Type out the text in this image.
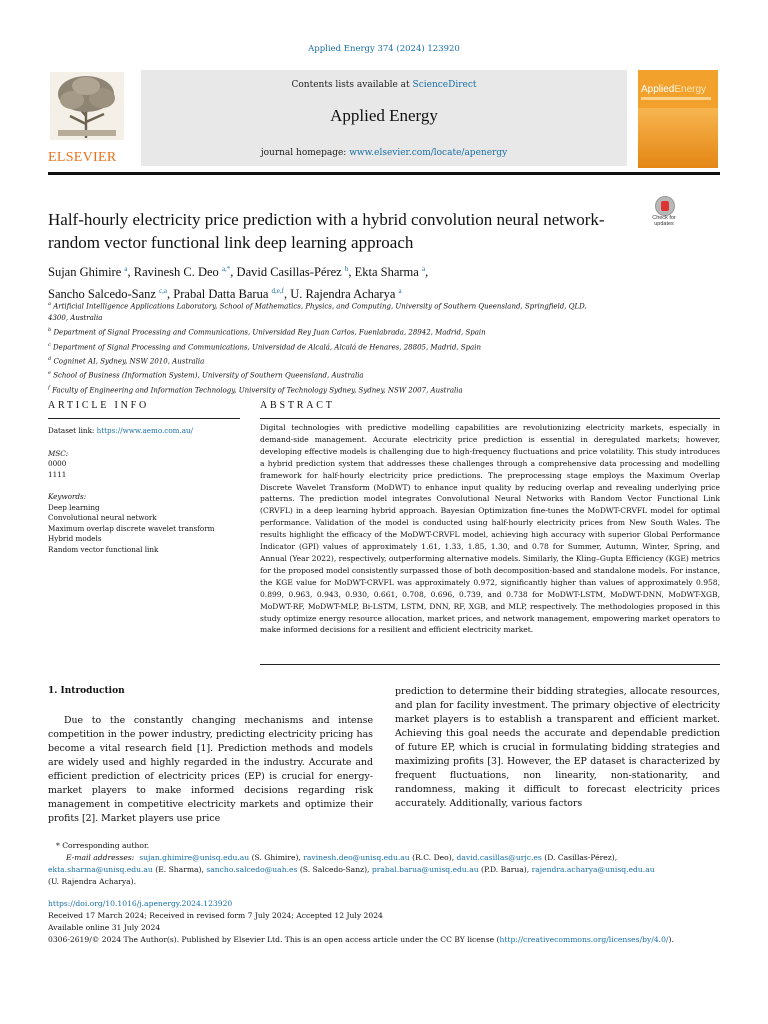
Applied Energy 374 (2024) 123920
ELSEVIER
Contents lists available at ScienceDirect
Applied Energy
journal homepage: www.elsevier.com/locate/apenergy
AppliedEnergy
Half-hourly electricity price prediction with a hybrid convolution neural network-random vector functional link deep learning approach
Check for updates
Sujan Ghimire $^a$, Ravinesh C. Deo $^{a,*}$, David Casillas-Pérez $^b$, Ekta Sharma $^a$,
Sancho Salcedo-Sanz $^{c,a}$, Prabal Datta Barua $^{d,e,f}$, U. Rajendra Acharya $^a$
$^a$ Artificial Intelligence Applications Laboratory, School of Mathematics, Physics, and Computing, University of Southern Queensland, Springfield, QLD, 4300, Australia
$^b$ Department of Signal Processing and Communications, Universidad Rey Juan Carlos, Fuenlabrada, 28942, Madrid, Spain
$^c$ Department of Signal Processing and Communications, Universidad de Alcalá, Alcalá de Henares, 28805, Madrid, Spain
$^d$ Cogninet AI, Sydney, NSW 2010, Australia
$^e$ School of Business (Information System), University of Southern Queensland, Australia
$^f$ Faculty of Engineering and Information Technology, University of Technology Sydney, Sydney, NSW 2007, Australia
ARTICLE INFO	ABSTRACT
Dataset link: https://www.aemo.com.au/
MSC:
0000
1111
Keywords:
Deep learning
Convolutional neural network
Maximum overlap discrete wavelet transform
Hybrid models
Random vector functional link
Digital technologies with predictive modelling capabilities are revolutionizing electricity markets, especially in demand-side management. Accurate electricity price prediction is essential in deregulated markets; however, developing effective models is challenging due to high-frequency fluctuations and price volatility. This study introduces a hybrid prediction system that addresses these challenges through a comprehensive data processing and modelling framework for half-hourly electricity price predictions. The preprocessing stage employs the Maximum Overlap Discrete Wavelet Transform (MoDWT) to enhance input quality by reducing overlap and revealing underlying price patterns. The prediction model integrates Convolutional Neural Networks with Random Vector Functional Link (CRVFL) in a deep learning hybrid approach. Bayesian Optimization fine-tunes the MoDWT-CRVFL model for optimal performance. Validation of the model is conducted using half-hourly electricity prices from New South Wales. The results highlight the efficacy of the MoDWT-CRVFL model, achieving high accuracy with superior Global Performance Indicator (GPI) values of approximately 1.61, 1.33, 1.85, 1.30, and 0.78 for Summer, Autumn, Winter, Spring, and Annual (Year 2022), respectively, outperforming alternative models. Similarly, the Kling–Gupta Efficiency (KGE) metrics for the proposed model consistently surpassed those of both decomposition-based and standalone models. For instance, the KGE value for MoDWT-CRVFL was approximately 0.972, significantly higher than values of approximately 0.958, 0.899, 0.963, 0.943, 0.930, 0.661, 0.708, 0.696, 0.739, and 0.738 for MoDWT-LSTM, MoDWT-DNN, MoDWT-XGB, MoDWT-RF, MoDWT-MLP, Bi-LSTM, LSTM, DNN, RF, XGB, and MLP, respectively. The methodologies proposed in this study optimize energy resource allocation, market prices, and network management, empowering market operators to make informed decisions for a resilient and efficient electricity market.
1. Introduction
Due to the constantly changing mechanisms and intense competition in the power industry, predicting electricity pricing has become a vital research field [1]. Prediction methods and models are widely used and highly regarded in the industry. Accurate and efficient prediction of electricity prices (EP) is crucial for energy-market players to make informed decisions regarding risk management in competitive electricity markets and optimize their profits [2]. Market players use price
prediction to determine their bidding strategies, allocate resources, and plan for facility investment. The primary objective of electricity market players is to establish a transparent and efficient market. Achieving this goal needs the accurate and dependable prediction of future EP, which is crucial in formulating bidding strategies and maximizing profits [3]. However, the EP dataset is characterized by frequent fluctuations, non linearity, non-stationarity, and randomness, making it difficult to forecast electricity prices accurately. Additionally, various factors
* Corresponding author.
E-mail addresses: sujan.ghimire@unisq.edu.au (S. Ghimire), ravinesh.deo@unisq.edu.au (R.C. Deo), david.casillas@urjc.es (D. Casillas-Pérez),
ekta.sharma@unisq.edu.au (E. Sharma), sancho.salcedo@uah.es (S. Salcedo-Sanz), prabal.barua@unisq.edu.au (P.D. Barua), rajendra.acharya@unisq.edu.au
(U. Rajendra Acharya).
https://doi.org/10.1016/j.apenergy.2024.123920
Received 17 March 2024; Received in revised form 7 July 2024; Accepted 12 July 2024
Available online 31 July 2024
0306-2619/© 2024 The Author(s). Published by Elsevier Ltd. This is an open access article under the CC BY license (http://creativecommons.org/licenses/by/4.0/).
